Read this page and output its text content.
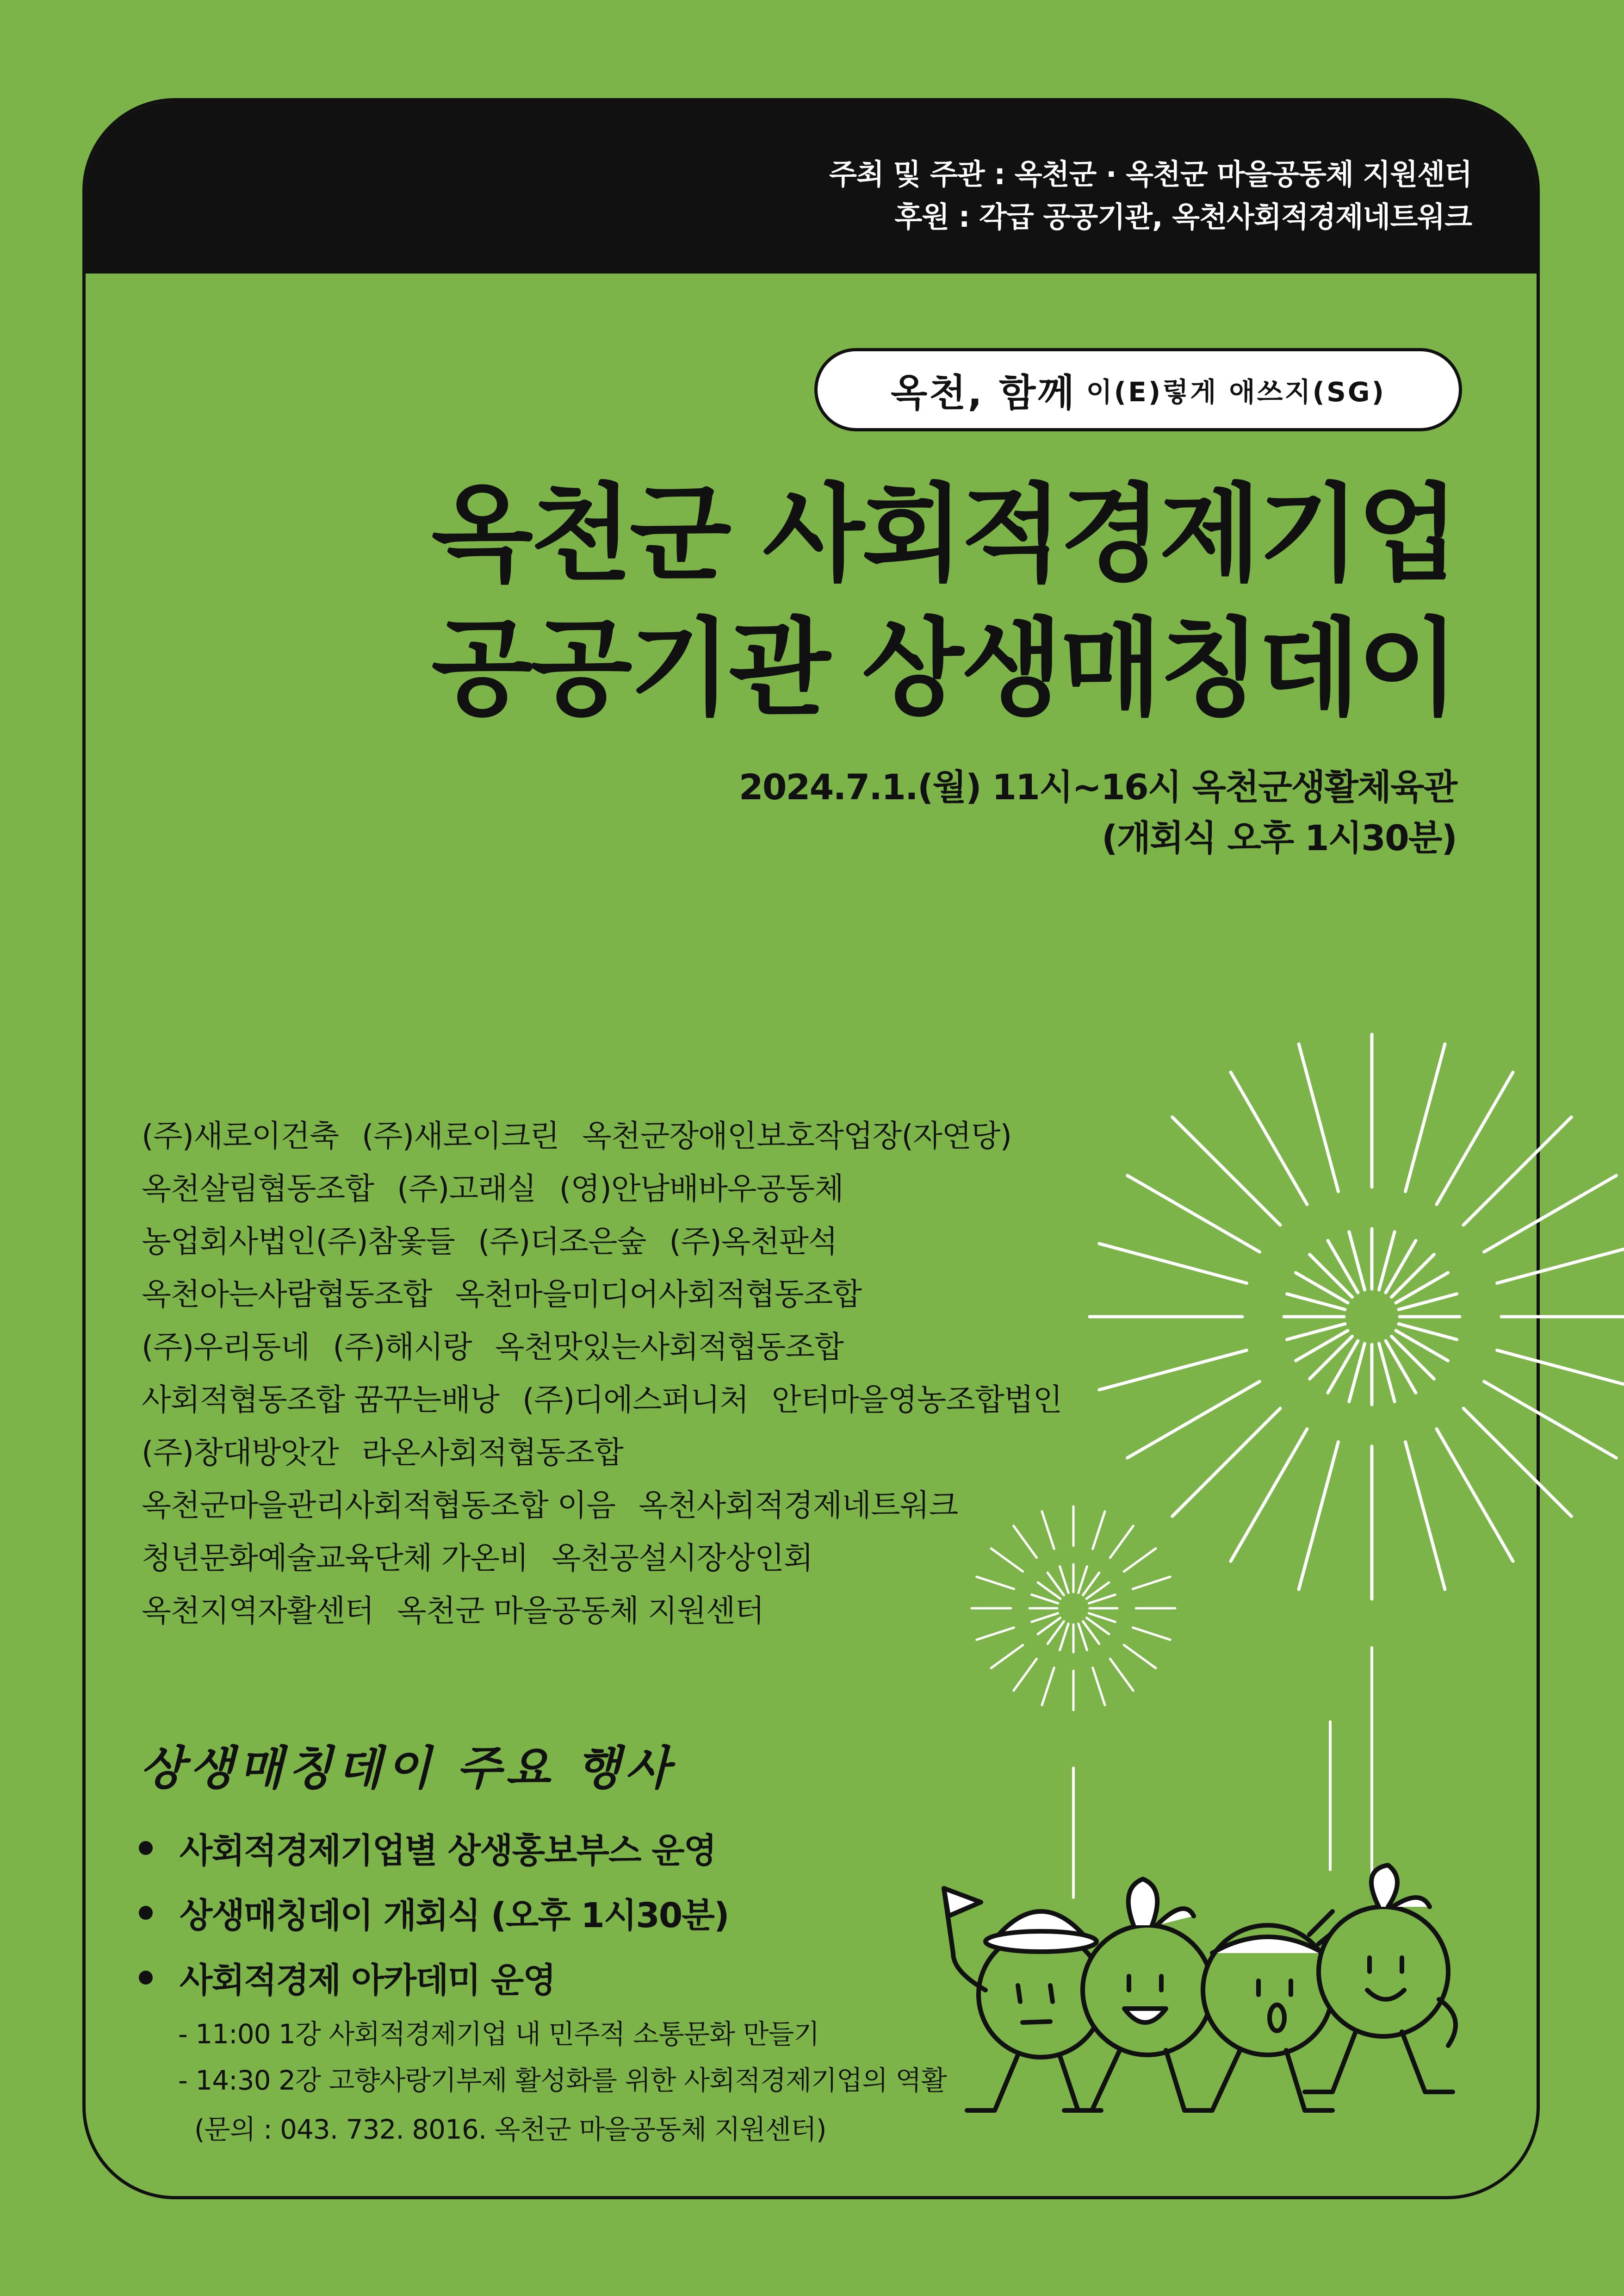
주최 및 주관 : 옥천군 · 옥천군 마을공동체 지원센터
후원 : 각급 공공기관, 옥천사회적경제네트워크
옥천, 함께 이(E)렇게 애쓰지(SG)
옥천군 사회적경제기업
공공기관 상생매칭데이
2024.7.1.(월) 11시~16시 옥천군생활체육관
(개회식 오후 1시30분)
(주)새로이건축 (주)새로이크린 옥천군장애인보호작업장(자연당)
옥천살림협동조합 (주)고래실 (영)안남배바우공동체
농업회사법인(주)참옻들 (주)더조은숲 (주)옥천판석
옥천아는사람협동조합 옥천마을미디어사회적협동조합
(주)우리동네 (주)해시랑 옥천맛있는사회적협동조합
사회적협동조합 꿈꾸는배낭 (주)디에스퍼니처 안터마을영농조합법인
(주)창대방앗간 라온사회적협동조합
옥천군마을관리사회적협동조합 이음 옥천사회적경제네트워크
청년문화예술교육단체 가온비 옥천공설시장상인회
옥천지역자활센터 옥천군 마을공동체 지원센터
상생매칭데이 주요 행사
사회적경제기업별 상생홍보부스 운영
상생매칭데이 개회식 (오후 1시30분)
사회적경제 아카데미 운영
- 11:00 1강 사회적경제기업 내 민주적 소통문화 만들기
- 14:30 2강 고향사랑기부제 활성화를 위한 사회적경제기업의 역활
(문의 : 043. 732. 8016. 옥천군 마을공동체 지원센터)
